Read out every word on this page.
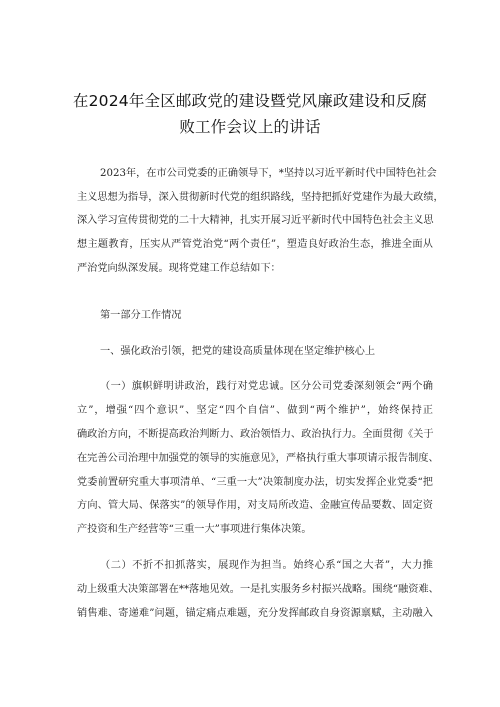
在2024年全区邮政党的建设暨党风廉政建设和反腐
败工作会议上的讲话
2023年，在市公司党委的正确领导下，*坚持以习近平新时代中国特色社会
主义思想为指导，深入贯彻新时代党的组织路线，坚持把抓好党建作为最大政绩，
深入学习宣传贯彻党的二十大精神，扎实开展习近平新时代中国特色社会主义思
想主题教育，压实从严管党治党“两个责任”，塑造良好政治生态，推进全面从
严治党向纵深发展。现将党建工作总结如下：
第一部分工作情况
一、强化政治引领，把党的建设高质量体现在坚定维护核心上
（一）旗帜鲜明讲政治，践行对党忠诚。区分公司党委深刻领会“两个确
立”，增强“四个意识”、坚定“四个自信”、做到“两个维护”，始终保持正
确政治方向，不断提高政治判断力、政治领悟力、政治执行力。全面贯彻《关于
在完善公司治理中加强党的领导的实施意见》，严格执行重大事项请示报告制度、
党委前置研究重大事项清单、“三重一大”决策制度办法，切实发挥企业党委“把
方向、管大局、保落实”的领导作用，对支局所改造、金融宣传品要数、固定资
产投资和生产经营等“三重一大”事项进行集体决策。
（二）不折不扣抓落实，展现作为担当。始终心系“国之大者”，大力推
动上级重大决策部署在**落地见效。一是扎实服务乡村振兴战略。围绕“融资难、
销售难、寄递难”问题，锚定痛点难题，充分发挥邮政自身资源禀赋，主动融入
